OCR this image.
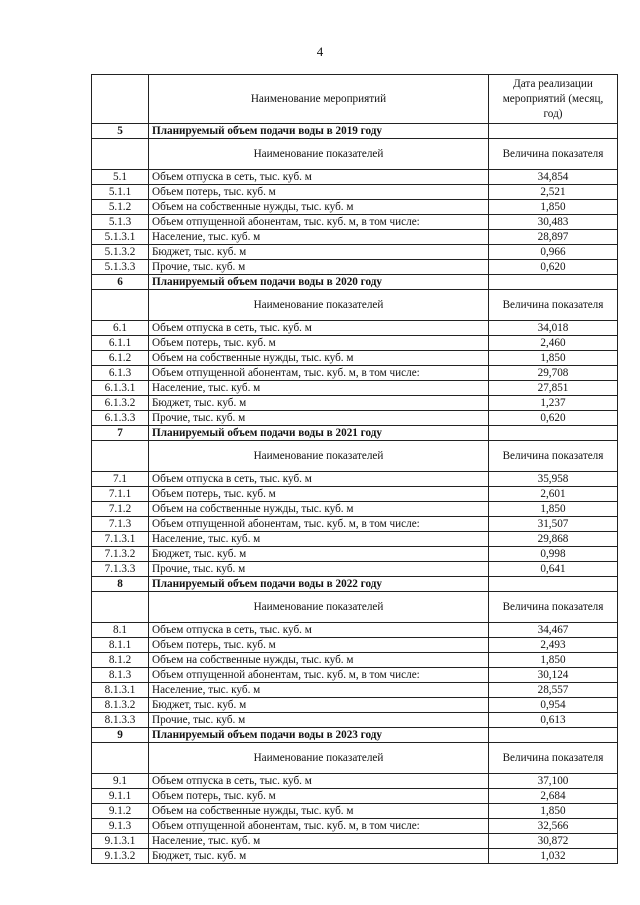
4
	Наименование мероприятий	Дата реализации мероприятий (месяц, год)
5	Планируемый объем подачи воды в 2019 году	
	Наименование показателей	Величина показателя
5.1	Объем отпуска в сеть, тыс. куб. м	34,854
5.1.1	Объем потерь, тыс. куб. м	2,521
5.1.2	Объем на собственные нужды, тыс. куб. м	1,850
5.1.3	Объем отпущенной абонентам, тыс. куб. м, в том числе:	30,483
5.1.3.1	Население, тыс. куб. м	28,897
5.1.3.2	Бюджет, тыс. куб. м	0,966
5.1.3.3	Прочие, тыс. куб. м	0,620
6	Планируемый объем подачи воды в 2020 году	
	Наименование показателей	Величина показателя
6.1	Объем отпуска в сеть, тыс. куб. м	34,018
6.1.1	Объем потерь, тыс. куб. м	2,460
6.1.2	Объем на собственные нужды, тыс. куб. м	1,850
6.1.3	Объем отпущенной абонентам, тыс. куб. м, в том числе:	29,708
6.1.3.1	Население, тыс. куб. м	27,851
6.1.3.2	Бюджет, тыс. куб. м	1,237
6.1.3.3	Прочие, тыс. куб. м	0,620
7	Планируемый объем подачи воды в 2021 году	
	Наименование показателей	Величина показателя
7.1	Объем отпуска в сеть, тыс. куб. м	35,958
7.1.1	Объем потерь, тыс. куб. м	2,601
7.1.2	Объем на собственные нужды, тыс. куб. м	1,850
7.1.3	Объем отпущенной абонентам, тыс. куб. м, в том числе:	31,507
7.1.3.1	Население, тыс. куб. м	29,868
7.1.3.2	Бюджет, тыс. куб. м	0,998
7.1.3.3	Прочие, тыс. куб. м	0,641
8	Планируемый объем подачи воды в 2022 году	
	Наименование показателей	Величина показателя
8.1	Объем отпуска в сеть, тыс. куб. м	34,467
8.1.1	Объем потерь, тыс. куб. м	2,493
8.1.2	Объем на собственные нужды, тыс. куб. м	1,850
8.1.3	Объем отпущенной абонентам, тыс. куб. м, в том числе:	30,124
8.1.3.1	Население, тыс. куб. м	28,557
8.1.3.2	Бюджет, тыс. куб. м	0,954
8.1.3.3	Прочие, тыс. куб. м	0,613
9	Планируемый объем подачи воды в 2023 году	
	Наименование показателей	Величина показателя
9.1	Объем отпуска в сеть, тыс. куб. м	37,100
9.1.1	Объем потерь, тыс. куб. м	2,684
9.1.2	Объем на собственные нужды, тыс. куб. м	1,850
9.1.3	Объем отпущенной абонентам, тыс. куб. м, в том числе:	32,566
9.1.3.1	Население, тыс. куб. м	30,872
9.1.3.2	Бюджет, тыс. куб. м	1,032
